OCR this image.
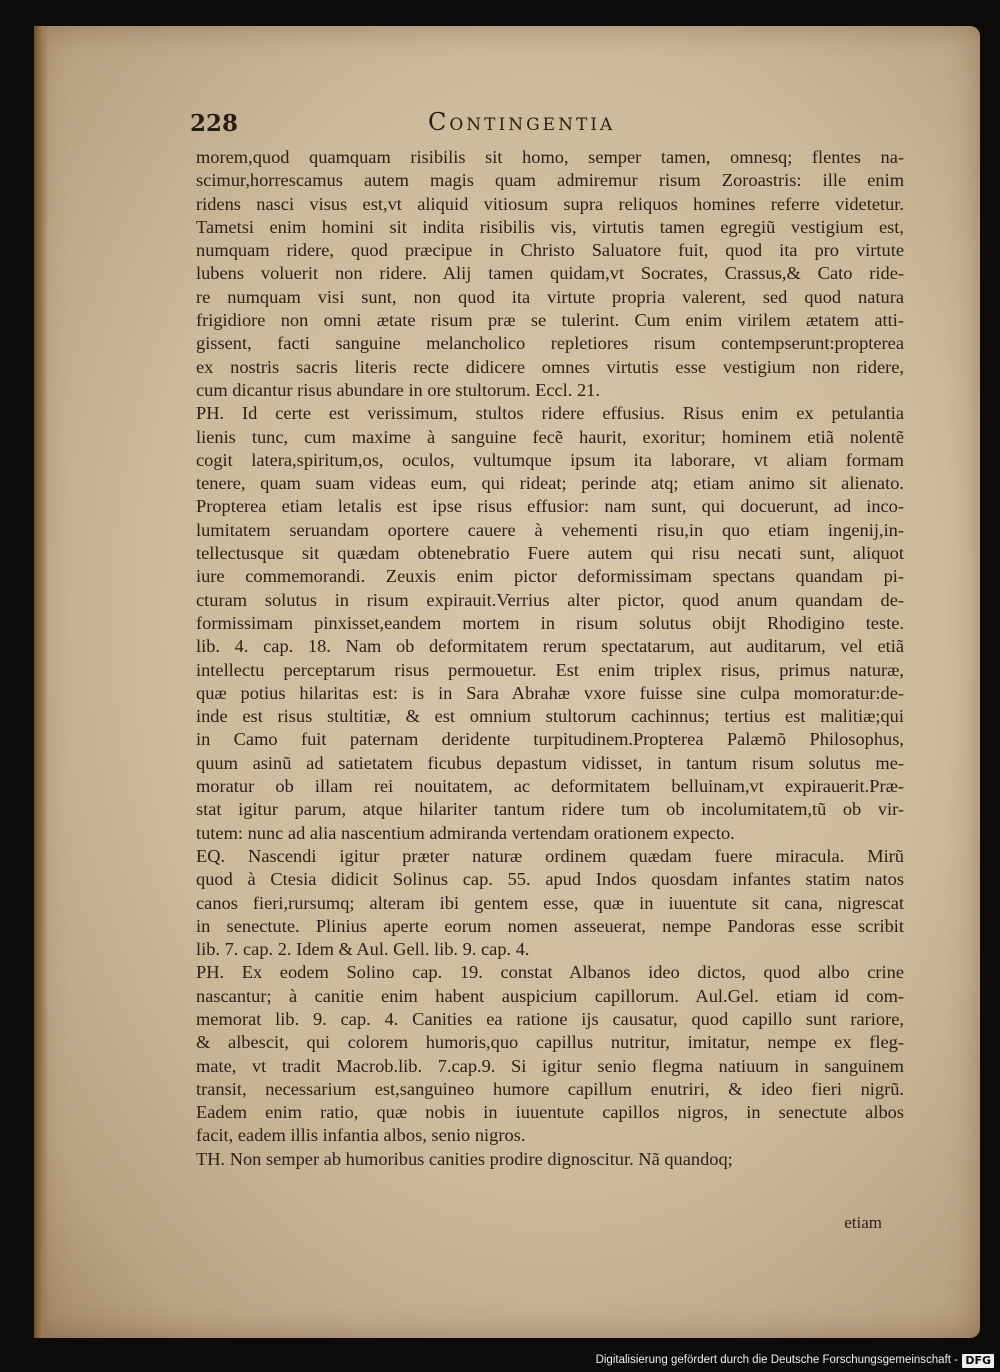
228	Contingentia
morem,quod quamquam risibilis sit homo, semper tamen, omnesq; flentes na-
scimur,horrescamus autem magis quam admiremur risum Zoroastris: ille enim
ridens nasci visus est,vt aliquid vitiosum supra reliquos homines referre videtetur.
Tametsi enim homini sit indita risibilis vis, virtutis tamen egregiũ vestigium est,
numquam ridere, quod præcipue in Christo Saluatore fuit, quod ita pro virtute
lubens voluerit non ridere. Alij tamen quidam,vt Socrates, Crassus,& Cato ride-
re numquam visi sunt, non quod ita virtute propria valerent, sed quod natura
frigidiore non omni ætate risum præ se tulerint. Cum enim virilem ætatem atti-
gissent, facti sanguine melancholico repletiores risum contempserunt:propterea
ex nostris sacris literis recte didicere omnes virtutis esse vestigium non ridere,
cum dicantur risus abundare in ore stultorum. Eccl. 21.
PH. Id certe est verissimum, stultos ridere effusius. Risus enim ex petulantia
lienis tunc, cum maxime à sanguine fecẽ haurit, exoritur; hominem etiã nolentẽ
cogit latera,spiritum,os, oculos, vultumque ipsum ita laborare, vt aliam formam
tenere, quam suam videas eum, qui rideat; perinde atq; etiam animo sit alienato.
Propterea etiam letalis est ipse risus effusior: nam sunt, qui docuerunt, ad inco-
lumitatem seruandam oportere cauere à vehementi risu,in quo etiam ingenij,in-
tellectusque sit quædam obtenebratio Fuere autem qui risu necati sunt, aliquot
iure commemorandi. Zeuxis enim pictor deformissimam spectans quandam pi-
cturam solutus in risum expirauit.Verrius alter pictor, quod anum quandam de-
formissimam pinxisset,eandem mortem in risum solutus obijt Rhodigino teste.
lib. 4. cap. 18. Nam ob deformitatem rerum spectatarum, aut auditarum, vel etiã
intellectu perceptarum risus permouetur. Est enim triplex risus, primus naturæ,
quæ potius hilaritas est: is in Sara Abrahæ vxore fuisse sine culpa momoratur:de-
inde est risus stultitiæ, & est omnium stultorum cachinnus; tertius est malitiæ;qui
in Camo fuit paternam deridente turpitudinem.Propterea Palæmõ Philosophus,
quum asinũ ad satietatem ficubus depastum vidisset, in tantum risum solutus me-
moratur ob illam rei nouitatem, ac deformitatem belluinam,vt expirauerit.Præ-
stat igitur parum, atque hilariter tantum ridere tum ob incolumitatem,tũ ob vir-
tutem: nunc ad alia nascentium admiranda vertendam orationem expecto.
EQ. Nascendi igitur præter naturæ ordinem quædam fuere miracula. Mirũ
quod à Ctesia didicit Solinus cap. 55. apud Indos quosdam infantes statim natos
canos fieri,rursumq; alteram ibi gentem esse, quæ in iuuentute sit cana, nigrescat
in senectute. Plinius aperte eorum nomen asseuerat, nempe Pandoras esse scribit
lib. 7. cap. 2. Idem & Aul. Gell. lib. 9. cap. 4.
PH. Ex eodem Solino cap. 19. constat Albanos ideo dictos, quod albo crine
nascantur; à canitie enim habent auspicium capillorum. Aul.Gel. etiam id com-
memorat lib. 9. cap. 4. Canities ea ratione ijs causatur, quod capillo sunt rariore,
& albescit, qui colorem humoris,quo capillus nutritur, imitatur, nempe ex fleg-
mate, vt tradit Macrob.lib. 7.cap.9. Si igitur senio flegma natiuum in sanguinem
transit, necessarium est,sanguineo humore capillum enutriri, & ideo fieri nigrũ.
Eadem enim ratio, quæ nobis in iuuentute capillos nigros, in senectute albos
facit, eadem illis infantia albos, senio nigros.
TH. Non semper ab humoribus canities prodire dignoscitur. Nã quandoq;
etiam
Digitalisierung gefördert durch die Deutsche Forschungsgemeinschaft - DFG
